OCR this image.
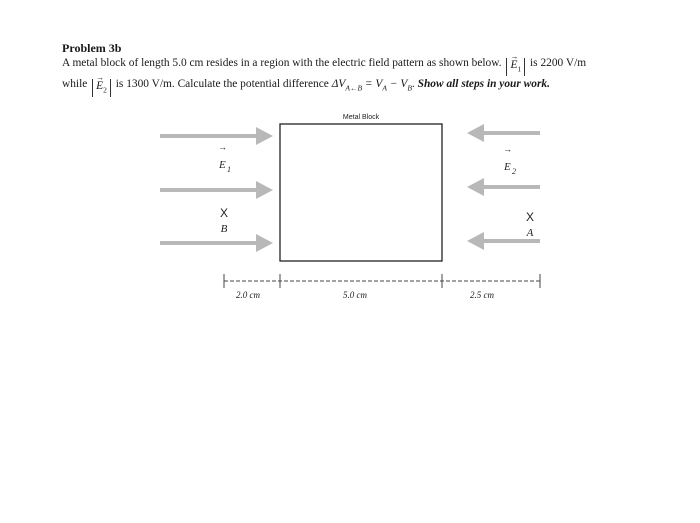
Problem 3b
A metal block of length 5.0 cm resides in a region with the electric field pattern as shown below.
→
$E_1$ is 2200 V/m
while
→
$E_2$ is 1300 V/m. Calculate the potential difference $\Delta V_{A\leftarrow B} = V_A - V_B$. Show all steps in your work.
Metal Block
→
E 1
→
E 2
X
B
X
A
2.0 cm	5.0 cm	2.5 cm
